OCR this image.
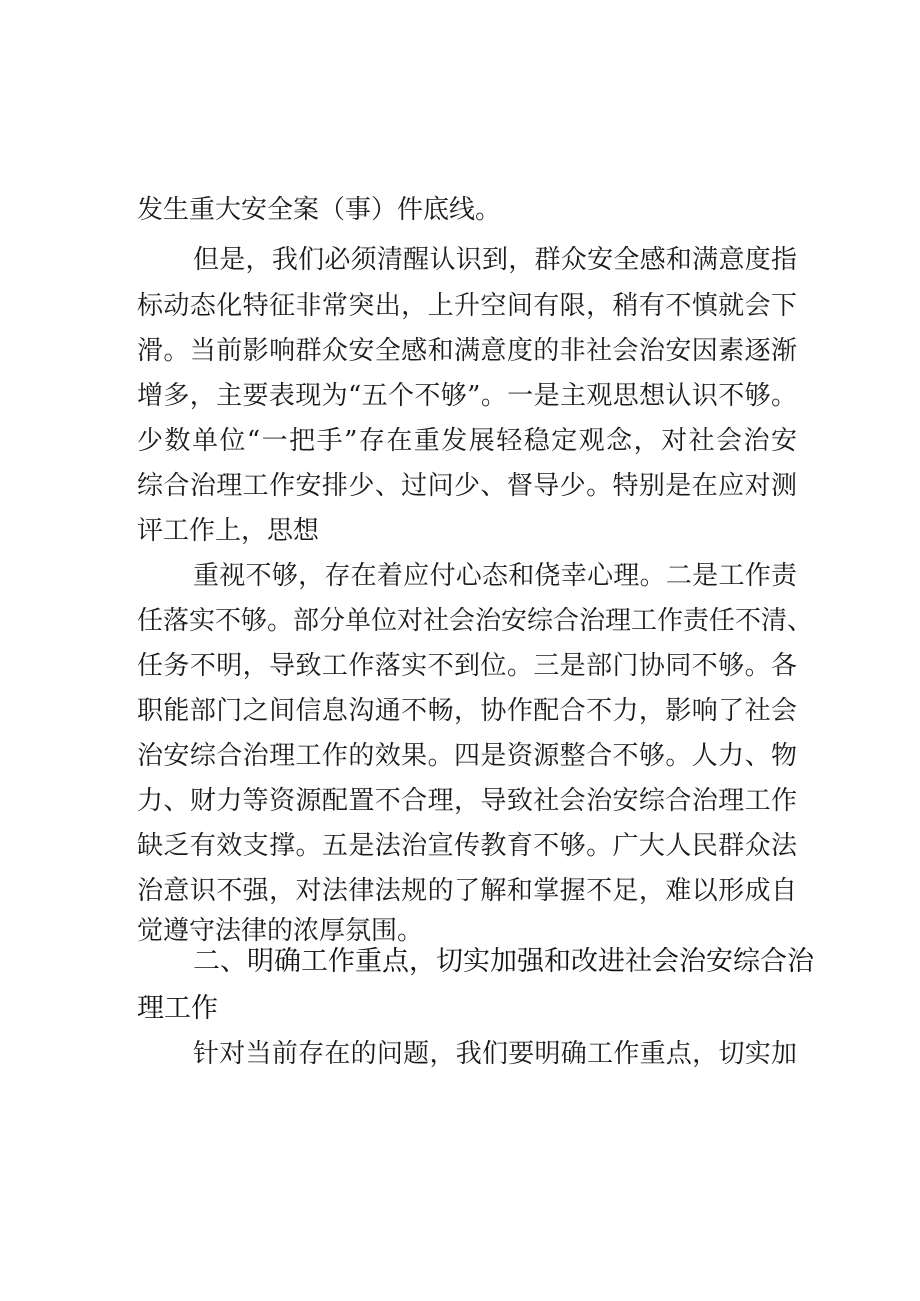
发生重大安全案（事）件底线。
但是，我们必须清醒认识到，群众安全感和满意度指
标动态化特征非常突出，上升空间有限，稍有不慎就会下
滑。当前影响群众安全感和满意度的非社会治安因素逐渐
增多，主要表现为“五个不够”。一是主观思想认识不够。
少数单位“一把手”存在重发展轻稳定观念，对社会治安
综合治理工作安排少、过问少、督导少。特别是在应对测
评工作上，思想
重视不够，存在着应付心态和侥幸心理。二是工作责
任落实不够。部分单位对社会治安综合治理工作责任不清、
任务不明，导致工作落实不到位。三是部门协同不够。各
职能部门之间信息沟通不畅，协作配合不力，影响了社会
治安综合治理工作的效果。四是资源整合不够。人力、物
力、财力等资源配置不合理，导致社会治安综合治理工作
缺乏有效支撑。五是法治宣传教育不够。广大人民群众法
治意识不强，对法律法规的了解和掌握不足，难以形成自
觉遵守法律的浓厚氛围。
二、明确工作重点，切实加强和改进社会治安综合治
理工作
针对当前存在的问题，我们要明确工作重点，切实加
